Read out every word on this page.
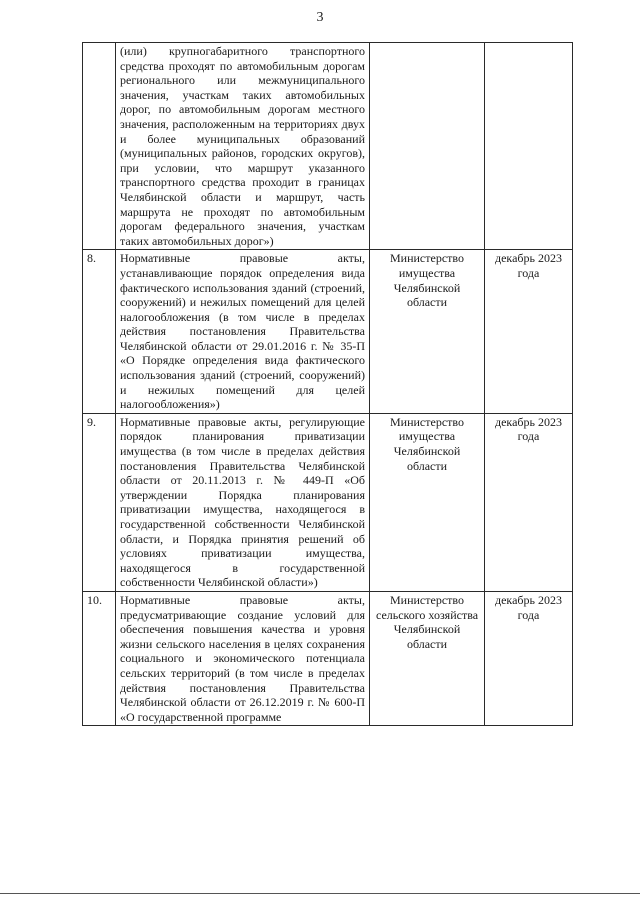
3
	(или) крупногабаритного транспортного средства проходят по автомобильным дорогам регионального или межмуниципального значения, участкам таких автомобильных дорог, по автомобильным дорогам местного значения, расположенным на территориях двух и более муниципальных образований (муниципальных районов, городских округов), при условии, что маршрут указанного транспортного средства проходит в границах Челябинской области и маршрут, часть маршрута не проходят по автомобильным дорогам федерального значения, участкам таких автомобильных дорог»)		
8.	Нормативные правовые акты, устанавливающие порядок определения вида фактического использования зданий (строений, сооружений) и нежилых помещений для целей налогообложения (в том числе в пределах действия постановления Правительства Челябинской области от 29.01.2016 г. № 35-П «О Порядке определения вида фактического использования зданий (строений, сооружений) и нежилых помещений для целей налогообложения»)	Министерство имущества Челябинской области	декабрь 2023 года
9.	Нормативные правовые акты, регулирующие порядок планирования приватизации имущества (в том числе в пределах действия постановления Правительства Челябинской области от 20.11.2013 г. № 449-П «Об утверждении Порядка планирования приватизации имущества, находящегося в государственной собственности Челябинской области, и Порядка принятия решений об условиях приватизации имущества, находящегося в государственной собственности Челябинской области»)	Министерство имущества Челябинской области	декабрь 2023 года
10.	Нормативные правовые акты, предусматривающие создание условий для обеспечения повышения качества и уровня жизни сельского населения в целях сохранения социального и экономического потенциала сельских территорий (в том числе в пределах действия постановления Правительства Челябинской области от 26.12.2019 г. № 600-П «О государственной программе	Министерство сельского хозяйства Челябинской области	декабрь 2023 года
